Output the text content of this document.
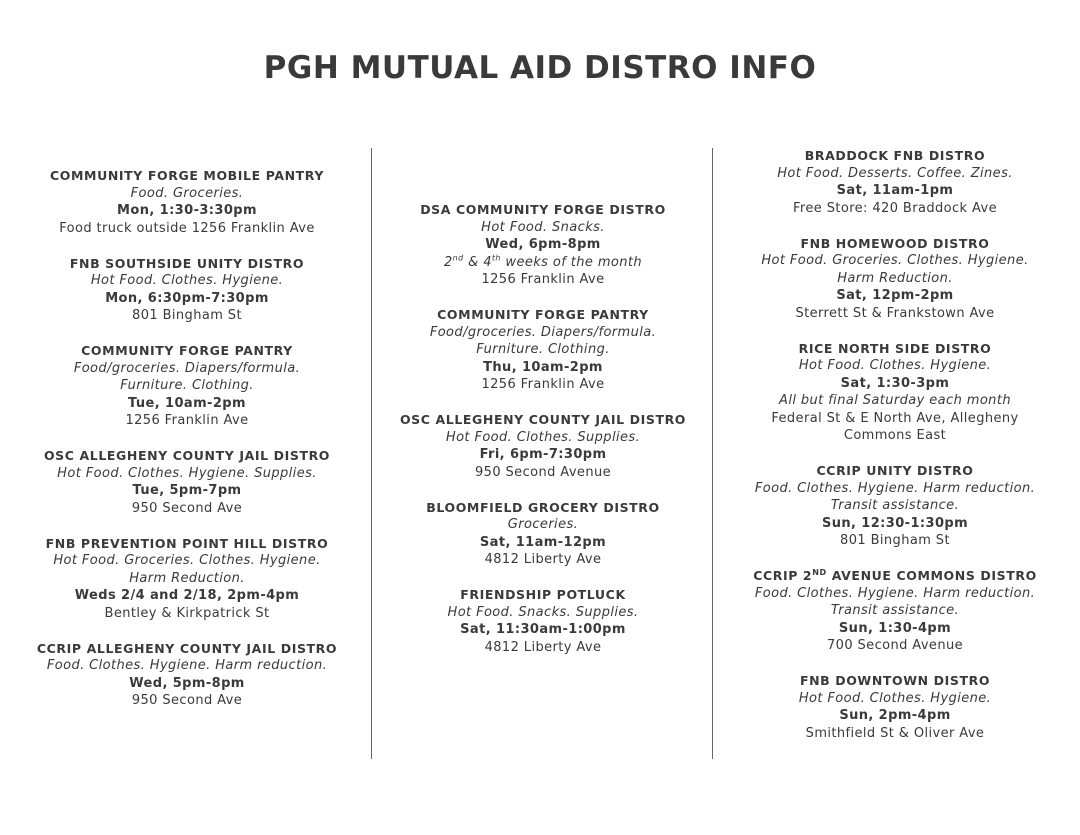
PGH MUTUAL AID DISTRO INFO
COMMUNITY FORGE MOBILE PANTRY
Food. Groceries.
Mon, 1:30-3:30pm
Food truck outside 1256 Franklin Ave
FNB SOUTHSIDE UNITY DISTRO
Hot Food. Clothes. Hygiene.
Mon, 6:30pm-7:30pm
801 Bingham St
COMMUNITY FORGE PANTRY
Food/groceries. Diapers/formula.
Furniture. Clothing.
Tue, 10am-2pm
1256 Franklin Ave
OSC ALLEGHENY COUNTY JAIL DISTRO
Hot Food. Clothes. Hygiene. Supplies.
Tue, 5pm-7pm
950 Second Ave
FNB PREVENTION POINT HILL DISTRO
Hot Food. Groceries. Clothes. Hygiene.
Harm Reduction.
Weds 2/4 and 2/18, 2pm-4pm
Bentley & Kirkpatrick St
CCRIP ALLEGHENY COUNTY JAIL DISTRO
Food. Clothes. Hygiene. Harm reduction.
Wed, 5pm-8pm
950 Second Ave
DSA COMMUNITY FORGE DISTRO
Hot Food. Snacks.
Wed, 6pm-8pm
2nd & 4th weeks of the month
1256 Franklin Ave
COMMUNITY FORGE PANTRY
Food/groceries. Diapers/formula.
Furniture. Clothing.
Thu, 10am-2pm
1256 Franklin Ave
OSC ALLEGHENY COUNTY JAIL DISTRO
Hot Food. Clothes. Supplies.
Fri, 6pm-7:30pm
950 Second Avenue
BLOOMFIELD GROCERY DISTRO
Groceries.
Sat, 11am-12pm
4812 Liberty Ave
FRIENDSHIP POTLUCK
Hot Food. Snacks. Supplies.
Sat, 11:30am-1:00pm
4812 Liberty Ave
BRADDOCK FNB DISTRO
Hot Food. Desserts. Coffee. Zines.
Sat, 11am-1pm
Free Store: 420 Braddock Ave
FNB HOMEWOOD DISTRO
Hot Food. Groceries. Clothes. Hygiene.
Harm Reduction.
Sat, 12pm-2pm
Sterrett St & Frankstown Ave
RICE NORTH SIDE DISTRO
Hot Food. Clothes. Hygiene.
Sat, 1:30-3pm
All but final Saturday each month
Federal St & E North Ave, Allegheny
Commons East
CCRIP UNITY DISTRO
Food. Clothes. Hygiene. Harm reduction.
Transit assistance.
Sun, 12:30-1:30pm
801 Bingham St
CCRIP 2ND AVENUE COMMONS DISTRO
Food. Clothes. Hygiene. Harm reduction.
Transit assistance.
Sun, 1:30-4pm
700 Second Avenue
FNB DOWNTOWN DISTRO
Hot Food. Clothes. Hygiene.
Sun, 2pm-4pm
Smithfield St & Oliver Ave
